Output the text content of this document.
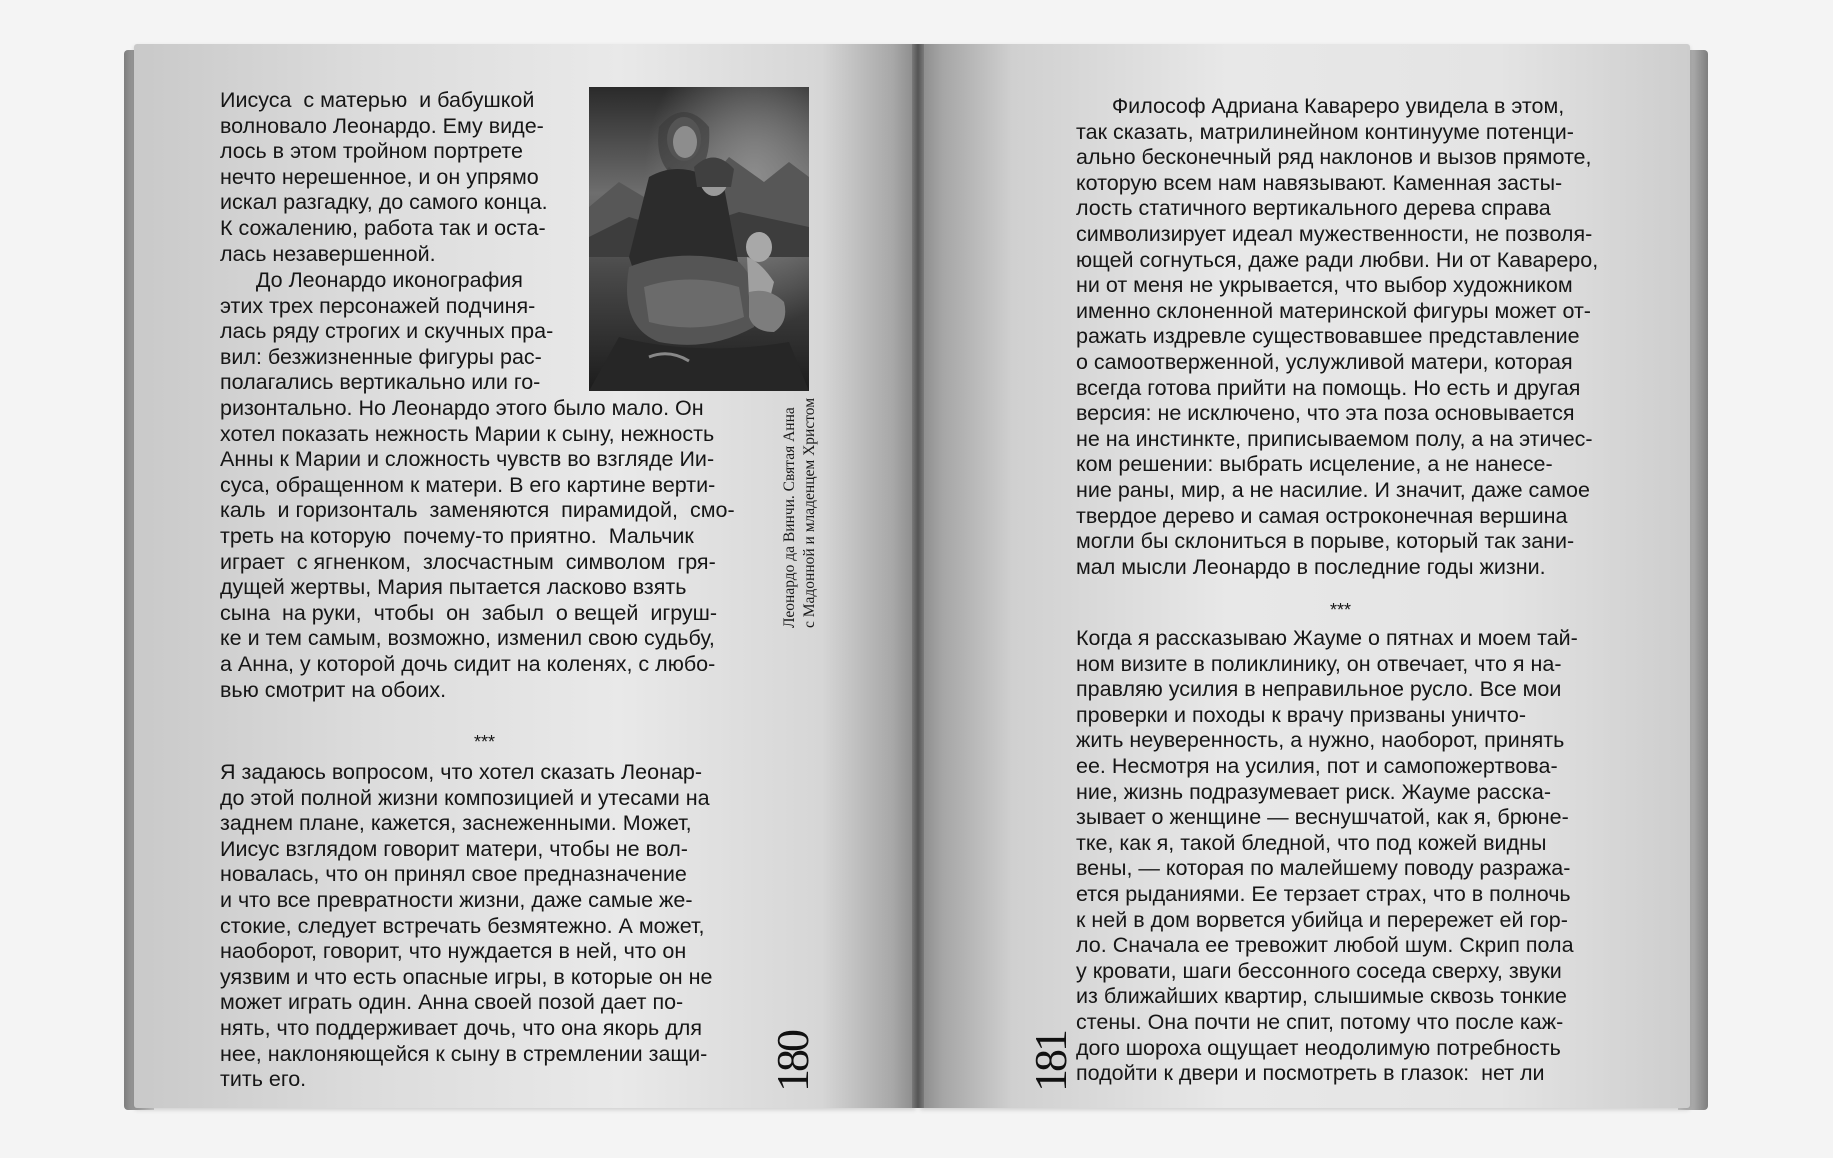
Иисуса  с матерью  и бабушкой
волновало Леонардо. Ему виде-
лось в этом тройном портрете
нечто нерешенное, и он упрямо
искал разгадку, до самого конца.
К сожалению, работа так и оста-
лась незавершенной.

До Леонардо иконография
этих трех персонажей подчиня-
лась ряду строгих и скучных пра-
вил: безжизненные фигуры рас-
полагались вертикально или го-
ризонтально. Но Леонардо этого было мало. Он
хотел показать нежность Марии к сыну, нежность
Анны к Марии и сложность чувств во взгляде Ии-
суса, обращенном к матери. В его картине верти-
каль  и горизонталь  заменяются  пирамидой,  смо-
треть на которую  почему-то приятно.  Мальчик
играет  с ягненком,  злосчастным  символом  гря-
дущей жертвы, Мария пытается ласково взять
сына  на руки,  чтобы  он  забыл  о вещей  игруш-
ке и тем самым, возможно, изменил свою судьбу,
а Анна, у которой дочь сидит на коленях, с любо-
вью смотрит на обоих.

***

Я задаюсь вопросом, что хотел сказать Леонар-
до этой полной жизни композицией и утесами на
заднем плане, кажется, заснеженными. Может,
Иисус взглядом говорит матери, чтобы не вол-
новалась, что он принял свое предназначение
и что все превратности жизни, даже самые же-
стокие, следует встречать безмятежно. А может,
наоборот, говорит, что нуждается в ней, что он
уязвим и что есть опасные игры, в которые он не
может играть один. Анна своей позой дает по-
нять, что поддерживает дочь, что она якорь для
нее, наклоняющейся к сыну в стремлении защи-
тить его.

Леонардо да Винчи. Святая Анна с Мадонной и младенцем Христом
180	181

Философ Адриана Каварeро увидела в этом,
так сказать, матрилинейном континууме потенци-
ально бесконечный ряд наклонов и вызов прямоте,
которую всем нам навязывают. Каменная засты-
лость статичного вертикального дерева справа
символизирует идеал мужественности, не позволя-
ющей согнуться, даже ради любви. Ни от Каварeро,
ни от меня не укрывается, что выбор художником
именно склоненной материнской фигуры может от-
ражать издревле существовавшее представление
о самоотверженной, услужливой матери, которая
всегда готова прийти на помощь. Но есть и другая
версия: не исключено, что эта поза основывается
не на инстинкте, приписываемом полу, а на этичес-
ком решении: выбрать исцеление, а не нанесе-
ние раны, мир, а не насилие. И значит, даже самое
твердое дерево и самая остроконечная вершина
могли бы склониться в порыве, который так зани-
мал мысли Леонардо в последние годы жизни.

***

Когда я рассказываю Жауме о пятнах и моем тай-
ном визите в поликлинику, он отвечает, что я на-
правляю усилия в неправильное русло. Все мои
проверки и походы к врачу призваны уничто-
жить неуверенность, а нужно, наоборот, принять
ее. Несмотря на усилия, пот и самопожертвова-
ние, жизнь подразумевает риск. Жауме расска-
зывает о женщине — веснушчатой, как я, брюне-
тке, как я, такой бледной, что под кожей видны
вены, — которая по малейшему поводу разража-
ется рыданиями. Ее терзает страх, что в полночь
к ней в дом ворвется убийца и перережет ей гор-
ло. Сначала ее тревожит любой шум. Скрип пола
у кровати, шаги бессонного соседа сверху, звуки
из ближайших квартир, слышимые сквозь тонкие
стены. Она почти не спит, потому что после каж-
дого шороха ощущает неодолимую потребность
подойти к двери и посмотреть в глазок:  нет ли
